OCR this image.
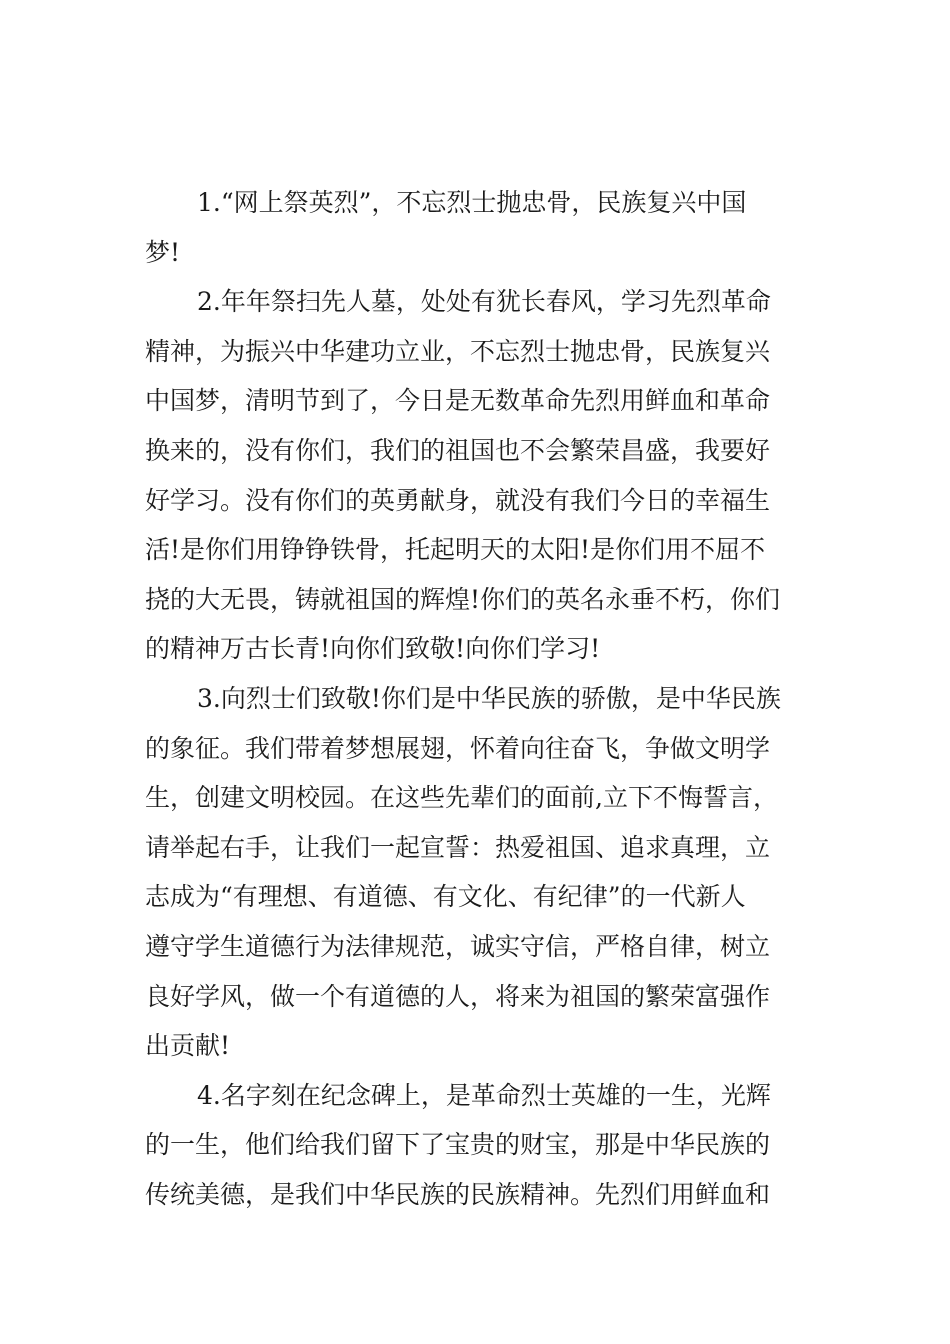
1.“网上祭英烈”，不忘烈士抛忠骨，民族复兴中国
梦!
2.年年祭扫先人墓，处处有犹长春风，学习先烈革命
精神，为振兴中华建功立业，不忘烈士抛忠骨，民族复兴
中国梦，清明节到了，今日是无数革命先烈用鲜血和革命
换来的，没有你们，我们的祖国也不会繁荣昌盛，我要好
好学习。没有你们的英勇献身，就没有我们今日的幸福生
活!是你们用铮铮铁骨，托起明天的太阳!是你们用不屈不
挠的大无畏，铸就祖国的辉煌!你们的英名永垂不朽，你们
的精神万古长青!向你们致敬!向你们学习!
3.向烈士们致敬!你们是中华民族的骄傲，是中华民族
的象征。我们带着梦想展翅，怀着向往奋飞，争做文明学
生，创建文明校园。在这些先辈们的面前,立下不悔誓言，
请举起右手，让我们一起宣誓：热爱祖国、追求真理，立
志成为“有理想、有道德、有文化、有纪律”的一代新人
遵守学生道德行为法律规范，诚实守信，严格自律，树立
良好学风，做一个有道德的人，将来为祖国的繁荣富强作
出贡献!
4.名字刻在纪念碑上，是革命烈士英雄的一生，光辉
的一生，他们给我们留下了宝贵的财宝，那是中华民族的
传统美德，是我们中华民族的民族精神。先烈们用鲜血和
